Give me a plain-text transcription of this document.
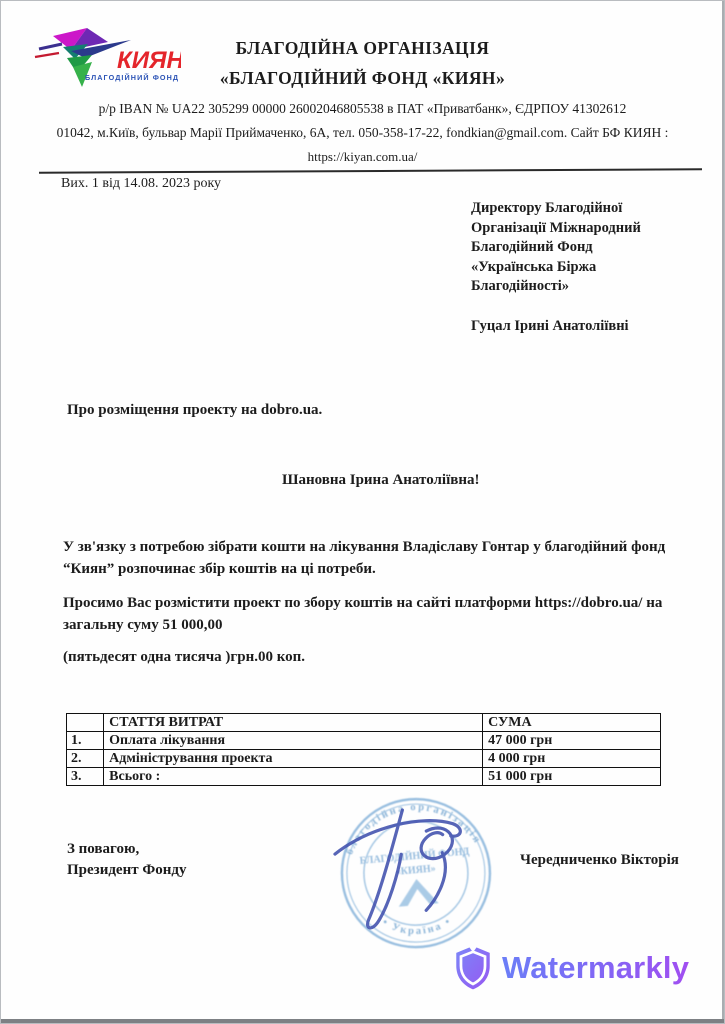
КИЯН
БЛАГОДІЙНИЙ ФОНД
БЛАГОДІЙНА ОРГАНІЗАЦІЯ
«БЛАГОДІЙНИЙ ФОНД «КИЯН»
р/р IBAN № UA22 305299 00000 26002046805538 в ПАТ «Приватбанк», ЄДРПОУ 41302612
01042, м.Київ, бульвар Марії Приймаченко, 6А, тел. 050-358-17-22, fondkian@gmail.com. Сайт БФ КИЯН :
https://kiyan.com.ua/
Вих. 1 від 14.08. 2023 року
Директору Благодійної
Організації Міжнародний
Благодійний Фонд
«Українська Біржа
Благодійності»
Гуцал Ірині Анатоліївні
Про розміщення проекту на dobro.ua.
Шановна Ірина Анатоліївна!
У зв'язку з потребою зібрати кошти на лікування Владіславу Гонтар у благодійний фонд “Киян” розпочинає збір коштів на ці потреби.
Просимо Вас розмістити проект по збору коштів на сайті платформи https://dobro.ua/ на загальну суму 51 000,00
(пятьдесят одна тисяча )грн.00 коп.
	СТАТТЯ ВИТРАТ	СУМА
1.	Оплата лікування	47 000 грн
2.	Адміністрування проекта	4 000 грн
3.	Всього :	51 000 грн
З повагою,
Президент Фонду
Чередниченко Вікторія
благодійна організація
• Україна •
БЛАГОДІЙНИЙ ФОНД
«КИЯН»
Watermarkly
